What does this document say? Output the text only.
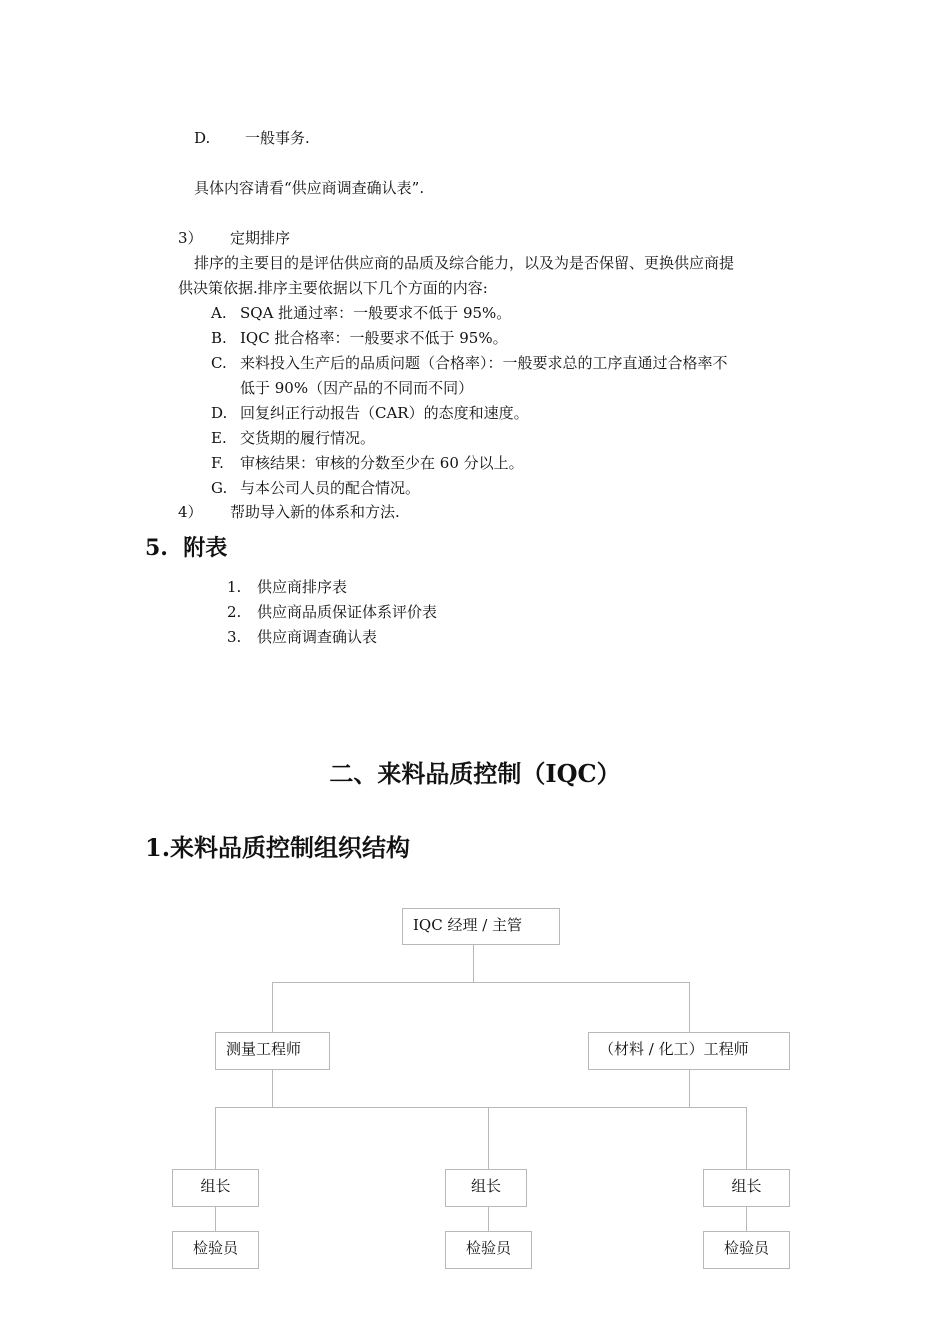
D. 一般事务.
具体内容请看“供应商调查确认表”.
3） 定期排序
排序的主要目的是评估供应商的品质及综合能力，以及为是否保留、更换供应商提
供决策依据.排序主要依据以下几个方面的内容:
A. SQA 批通过率：一般要求不低于 95%。
B. IQC 批合格率：一般要求不低于 95%。
C. 来料投入生产后的品质问题（合格率）：一般要求总的工序直通过合格率不
低于 90%（因产品的不同而不同）
D. 回复纠正行动报告（CAR）的态度和速度。
E. 交货期的履行情况。
F. 审核结果：审核的分数至少在 60 分以上。
G. 与本公司人员的配合情况。
4） 帮助导入新的体系和方法.
5.  附表
1. 供应商排序表
2. 供应商品质保证体系评价表
3. 供应商调查确认表
二、来料品质控制（IQC）
1.来料品质控制组织结构
IQC 经理 / 主管
测量工程师	（材料 / 化工）工程师
组长	组长	组长
检验员	检验员	检验员
